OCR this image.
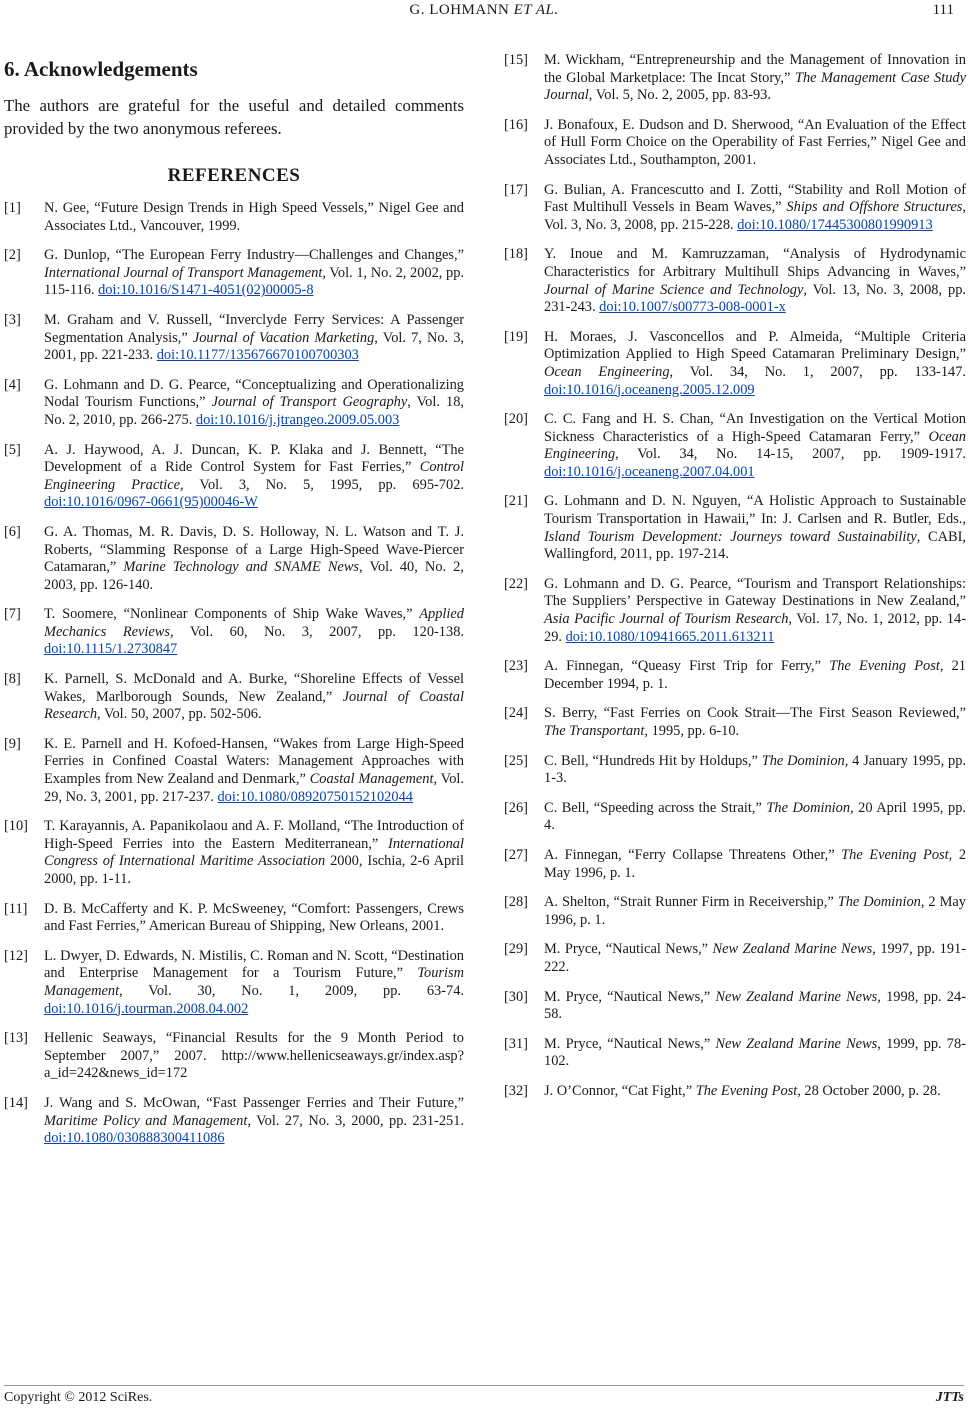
G. LOHMANN ET AL.	111
6. Acknowledgements

The authors are grateful for the useful and detailed comments provided by the two anonymous referees.

REFERENCES
[1]	N. Gee, “Future Design Trends in High Speed Vessels,” Nigel Gee and Associates Ltd., Vancouver, 1999.
[2]	G. Dunlop, “The European Ferry Industry—Challenges and Changes,” International Journal of Transport Management, Vol. 1, No. 2, 2002, pp. 115-116. doi:10.1016/S1471-4051(02)00005-8
[3]	M. Graham and V. Russell, “Inverclyde Ferry Services: A Passenger Segmentation Analysis,” Journal of Vacation Marketing, Vol. 7, No. 3, 2001, pp. 221-233. doi:10.1177/135676670100700303
[4]	G. Lohmann and D. G. Pearce, “Conceptualizing and Operationalizing Nodal Tourism Functions,” Journal of Transport Geography, Vol. 18, No. 2, 2010, pp. 266-275. doi:10.1016/j.jtrangeo.2009.05.003
[5]	A. J. Haywood, A. J. Duncan, K. P. Klaka and J. Bennett, “The Development of a Ride Control System for Fast Ferries,” Control Engineering Practice, Vol. 3, No. 5, 1995, pp. 695-702. doi:10.1016/0967-0661(95)00046-W
[6]	G. A. Thomas, M. R. Davis, D. S. Holloway, N. L. Watson and T. J. Roberts, “Slamming Response of a Large High-Speed Wave-Piercer Catamaran,” Marine Technology and SNAME News, Vol. 40, No. 2, 2003, pp. 126-140.
[7]	T. Soomere, “Nonlinear Components of Ship Wake Waves,” Applied Mechanics Reviews, Vol. 60, No. 3, 2007, pp. 120-138. doi:10.1115/1.2730847
[8]	K. Parnell, S. McDonald and A. Burke, “Shoreline Effects of Vessel Wakes, Marlborough Sounds, New Zealand,” Journal of Coastal Research, Vol. 50, 2007, pp. 502-506.
[9]	K. E. Parnell and H. Kofoed-Hansen, “Wakes from Large High-Speed Ferries in Confined Coastal Waters: Management Approaches with Examples from New Zealand and Denmark,” Coastal Management, Vol. 29, No. 3, 2001, pp. 217-237. doi:10.1080/08920750152102044
[10]	T. Karayannis, A. Papanikolaou and A. F. Molland, “The Introduction of High-Speed Ferries into the Eastern Mediterranean,” International Congress of International Maritime Association 2000, Ischia, 2-6 April 2000, pp. 1-11.
[11]	D. B. McCafferty and K. P. McSweeney, “Comfort: Passengers, Crews and Fast Ferries,” American Bureau of Shipping, New Orleans, 2001.
[12]	L. Dwyer, D. Edwards, N. Mistilis, C. Roman and N. Scott, “Destination and Enterprise Management for a Tourism Future,” Tourism Management, Vol. 30, No. 1, 2009, pp. 63-74. doi:10.1016/j.tourman.2008.04.002
[13]	Hellenic Seaways, “Financial Results for the 9 Month Period to September 2007,” 2007. http://www.hellenicseaways.gr/index.asp?a_id=242&news_id=172
[14]	J. Wang and S. McOwan, “Fast Passenger Ferries and Their Future,” Maritime Policy and Management, Vol. 27, No. 3, 2000, pp. 231-251. doi:10.1080/030888300411086
[15]	M. Wickham, “Entrepreneurship and the Management of Innovation in the Global Marketplace: The Incat Story,” The Management Case Study Journal, Vol. 5, No. 2, 2005, pp. 83-93.
[16]	J. Bonafoux, E. Dudson and D. Sherwood, “An Evaluation of the Effect of Hull Form Choice on the Operability of Fast Ferries,” Nigel Gee and Associates Ltd., Southampton, 2001.
[17]	G. Bulian, A. Francescutto and I. Zotti, “Stability and Roll Motion of Fast Multihull Vessels in Beam Waves,” Ships and Offshore Structures, Vol. 3, No. 3, 2008, pp. 215-228. doi:10.1080/17445300801990913
[18]	Y. Inoue and M. Kamruzzaman, “Analysis of Hydrodynamic Characteristics for Arbitrary Multihull Ships Advancing in Waves,” Journal of Marine Science and Technology, Vol. 13, No. 3, 2008, pp. 231-243. doi:10.1007/s00773-008-0001-x
[19]	H. Moraes, J. Vasconcellos and P. Almeida, “Multiple Criteria Optimization Applied to High Speed Catamaran Preliminary Design,” Ocean Engineering, Vol. 34, No. 1, 2007, pp. 133-147. doi:10.1016/j.oceaneng.2005.12.009
[20]	C. C. Fang and H. S. Chan, “An Investigation on the Vertical Motion Sickness Characteristics of a High-Speed Catamaran Ferry,” Ocean Engineering, Vol. 34, No. 14-15, 2007, pp. 1909-1917. doi:10.1016/j.oceaneng.2007.04.001
[21]	G. Lohmann and D. N. Nguyen, “A Holistic Approach to Sustainable Tourism Transportation in Hawaii,” In: J. Carlsen and R. Butler, Eds., Island Tourism Development: Journeys toward Sustainability, CABI, Wallingford, 2011, pp. 197-214.
[22]	G. Lohmann and D. G. Pearce, “Tourism and Transport Relationships: The Suppliers’ Perspective in Gateway Destinations in New Zealand,” Asia Pacific Journal of Tourism Research, Vol. 17, No. 1, 2012, pp. 14-29. doi:10.1080/10941665.2011.613211
[23]	A. Finnegan, “Queasy First Trip for Ferry,” The Evening Post, 21 December 1994, p. 1.
[24]	S. Berry, “Fast Ferries on Cook Strait—The First Season Reviewed,” The Transportant, 1995, pp. 6-10.
[25]	C. Bell, “Hundreds Hit by Holdups,” The Dominion, 4 January 1995, pp. 1-3.
[26]	C. Bell, “Speeding across the Strait,” The Dominion, 20 April 1995, pp. 4.
[27]	A. Finnegan, “Ferry Collapse Threatens Other,” The Evening Post, 2 May 1996, p. 1.
[28]	A. Shelton, “Strait Runner Firm in Receivership,” The Dominion, 2 May 1996, p. 1.
[29]	M. Pryce, “Nautical News,” New Zealand Marine News, 1997, pp. 191-222.
[30]	M. Pryce, “Nautical News,” New Zealand Marine News, 1998, pp. 24-58.
[31]	M. Pryce, “Nautical News,” New Zealand Marine News, 1999, pp. 78-102.
[32]	J. O’Connor, “Cat Fight,” The Evening Post, 28 October 2000, p. 28.
Copyright © 2012 SciRes.	JTTs
